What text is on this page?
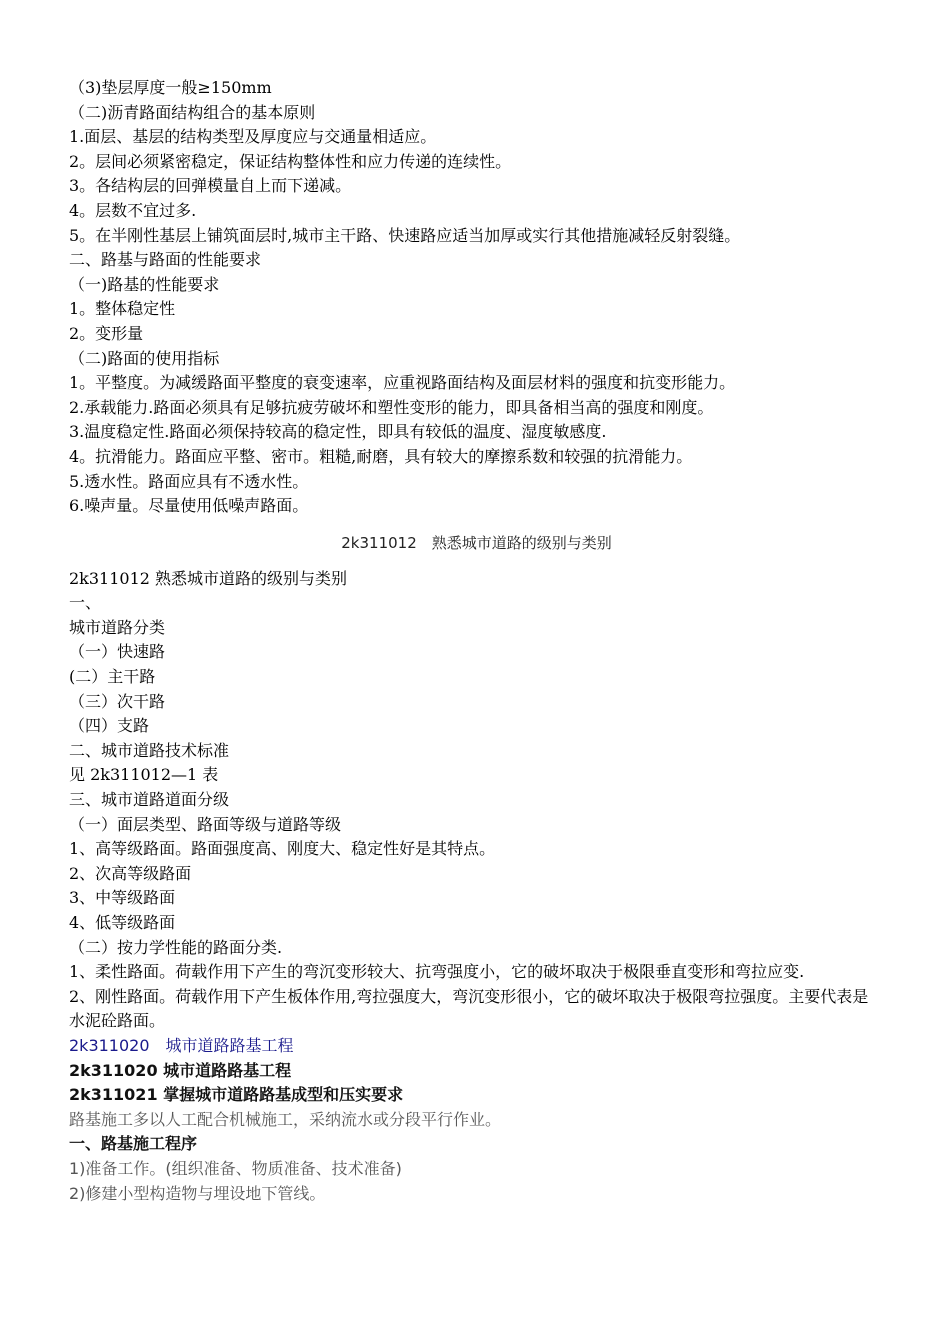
（3)垫层厚度一般≥150mm
（二)沥青路面结构组合的基本原则
1.面层、基层的结构类型及厚度应与交通量相适应。
2。层间必须紧密稳定，保证结构整体性和应力传递的连续性。
3。各结构层的回弹模量自上而下递减。
4。层数不宜过多.
5。在半刚性基层上铺筑面层时,城市主干路、快速路应适当加厚或实行其他措施减轻反射裂缝。
二、路基与路面的性能要求
（一)路基的性能要求
1。整体稳定性
2。变形量
（二)路面的使用指标
1。平整度。为减缓路面平整度的衰变速率，应重视路面结构及面层材料的强度和抗变形能力。
2.承载能力.路面必须具有足够抗疲劳破坏和塑性变形的能力，即具备相当高的强度和刚度。
3.温度稳定性.路面必须保持较高的稳定性，即具有较低的温度、湿度敏感度.
4。抗滑能力。路面应平整、密市。粗糙,耐磨，具有较大的摩擦系数和较强的抗滑能力。
5.透水性。路面应具有不透水性。
6.噪声量。尽量使用低噪声路面。
2k311012　熟悉城市道路的级别与类别
2k311012 熟悉城市道路的级别与类别
一、
城市道路分类
（一）快速路
(二）主干路
（三）次干路
（四）支路
二、城市道路技术标准
见 2k311012—1 表
三、城市道路道面分级
（一）面层类型、路面等级与道路等级
1、高等级路面。路面强度高、刚度大、稳定性好是其特点。
2、次高等级路面
3、中等级路面
4、低等级路面
（二）按力学性能的路面分类.
1、柔性路面。荷载作用下产生的弯沉变形较大、抗弯强度小，它的破坏取决于极限垂直变形和弯拉应变.
2、刚性路面。荷载作用下产生板体作用,弯拉强度大，弯沉变形很小，它的破坏取决于极限弯拉强度。主要代表是水泥砼路面。
2k311020　城市道路路基工程
2k311020 城市道路路基工程
2k311021 掌握城市道路路基成型和压实要求
路基施工多以人工配合机械施工，采纳流水或分段平行作业。
一、路基施工程序
1)准备工作。(组织准备、物质准备、技术准备)
2)修建小型构造物与埋设地下管线。
